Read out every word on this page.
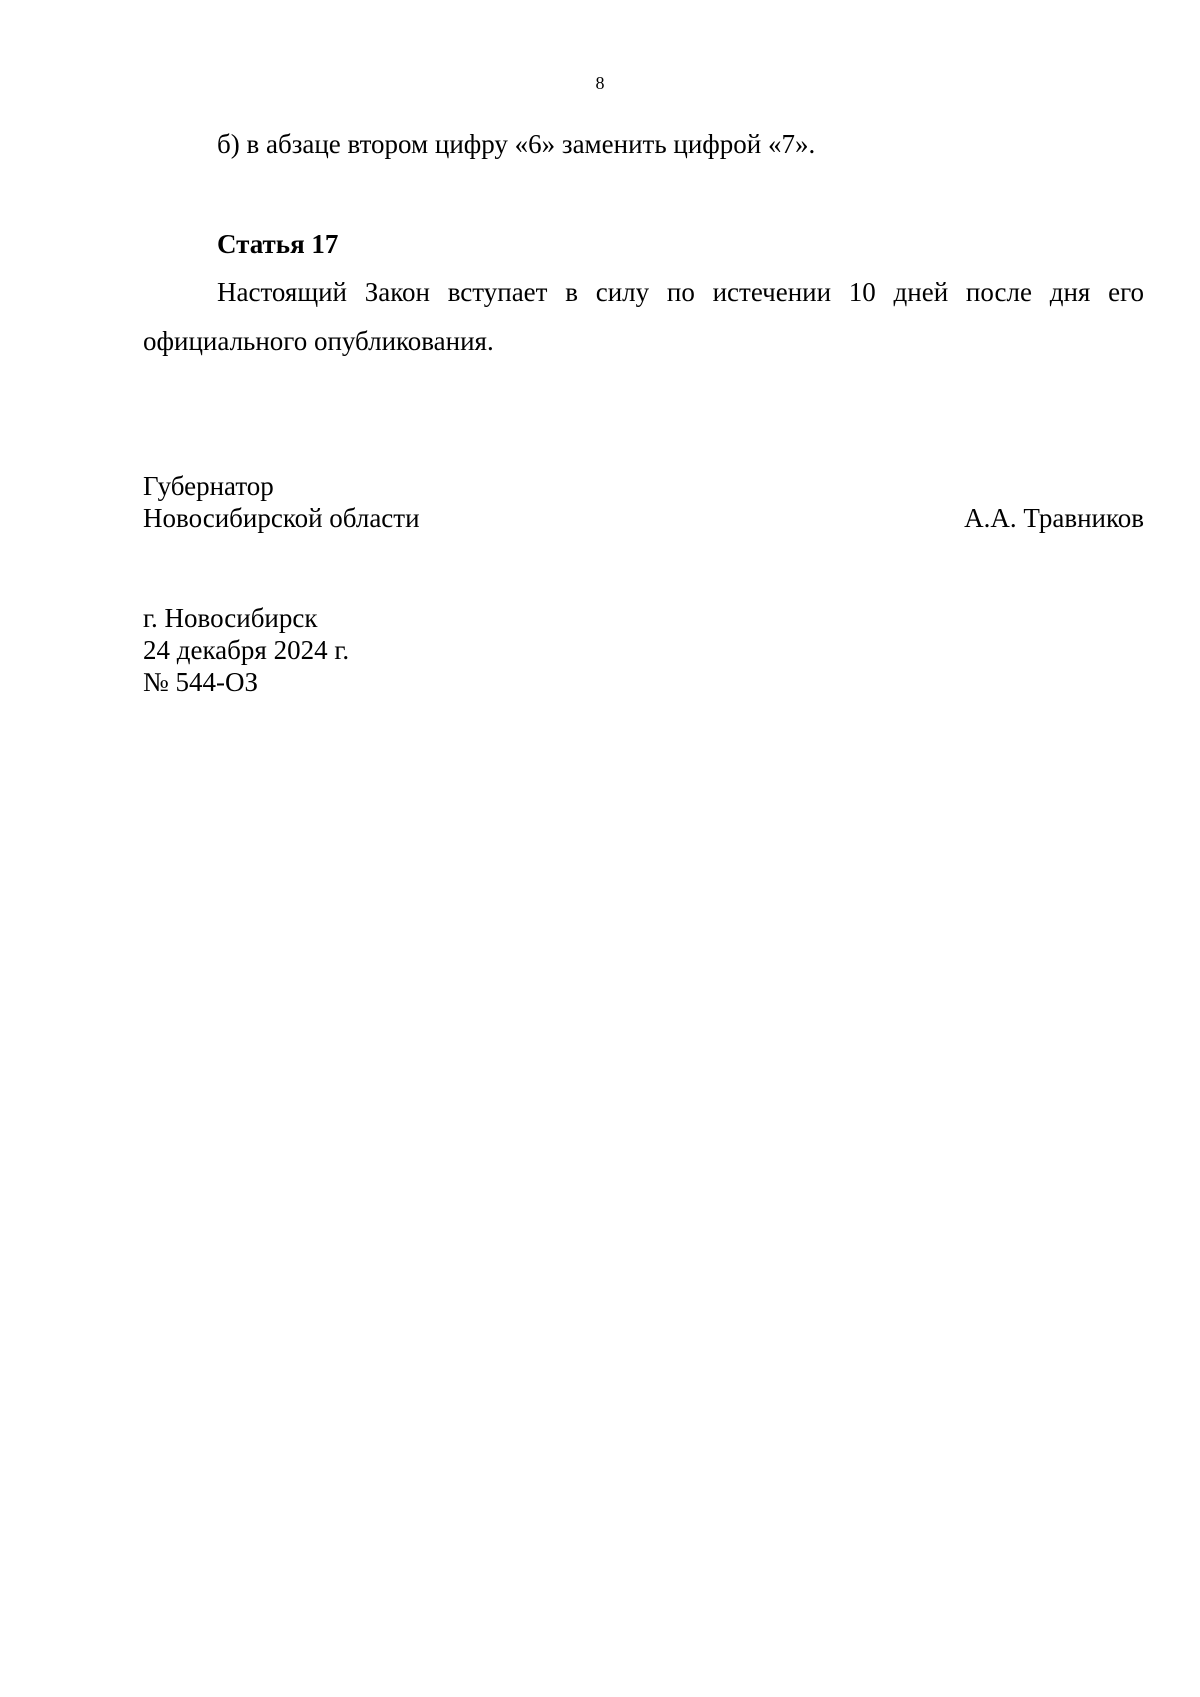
8

б) в абзаце втором цифру «6» заменить цифрой «7».

Статья 17

Настоящий Закон вступает в силу по истечении 10 дней после дня его официального опубликования.

Губернатор
Новосибирской области	А.А. Травников
г. Новосибирск
24 декабря 2024 г.
№ 544-ОЗ
